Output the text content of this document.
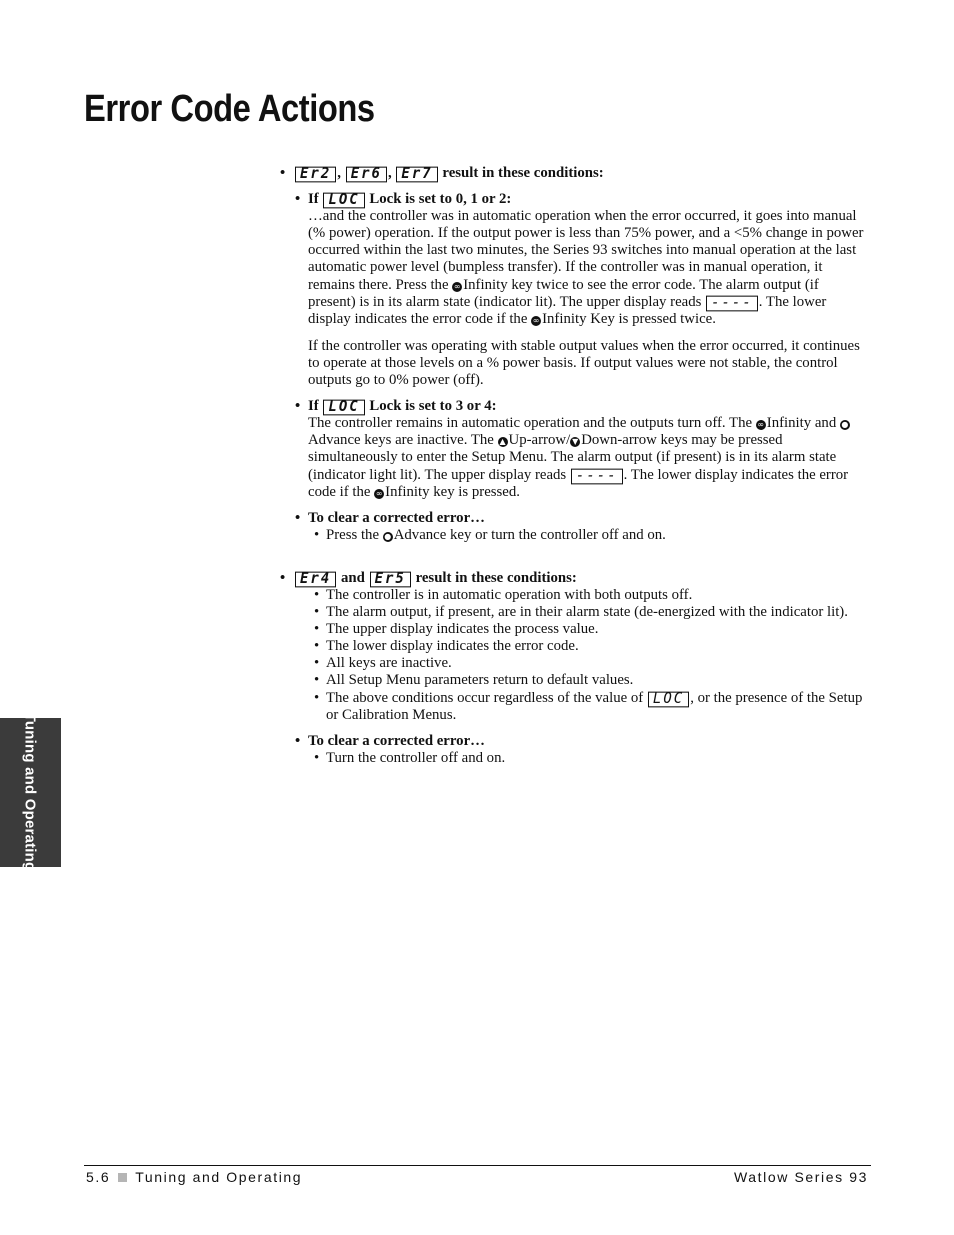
Error Code Actions
• Er2 , Er6 , Er7 result in these conditions:
• If LOC Lock is set to 0, 1 or 2:
…and the controller was in automatic operation when the error occurred, it goes into manual (% power) operation. If the output power is less than 75% power, and a <5% change in power occurred within the last two minutes, the Series 93 switches into manual operation at the last automatic power level (bumpless transfer). If the controller was in manual operation, it remains there. Press the ∞ Infinity key twice to see the error code. The alarm output (if present) is in its alarm state (indicator lit). The upper display reads ---- . The lower display indicates the error code if the ∞ Infinity Key is pressed twice.
If the controller was operating with stable output values when the error occurred, it continues to operate at those levels on a % power basis. If output values were not stable, the control outputs go to 0% power (off).
• If LOC Lock is set to 3 or 4:
The controller remains in automatic operation and the outputs turn off. The ∞ Infinity and ●Advance keys are inactive. The ▲ Up-arrow/ ▼ Down-arrow keys may be pressed simultaneously to enter the Setup Menu. The alarm output (if present) is in its alarm state (indicator light lit). The upper display reads ---- . The lower display indicates the error code if the ∞ Infinity key is pressed.
• To clear a corrected error…
• Press the ● Advance key or turn the controller off and on.
• Er4 and Er5 result in these conditions:
• The controller is in automatic operation with both outputs off.
• The alarm output, if present, are in their alarm state (de-energized with the indicator lit).
• The upper display indicates the process value.
• The lower display indicates the error code.
• All keys are inactive.
• All Setup Menu parameters return to default values.
• The above conditions occur regardless of the value of LOC , or the presence of the Setup or Calibration Menus.
• To clear a corrected error…
• Turn the controller off and on.
Tuning and Operating
5.6 Tuning and Operating	Watlow Series 93
